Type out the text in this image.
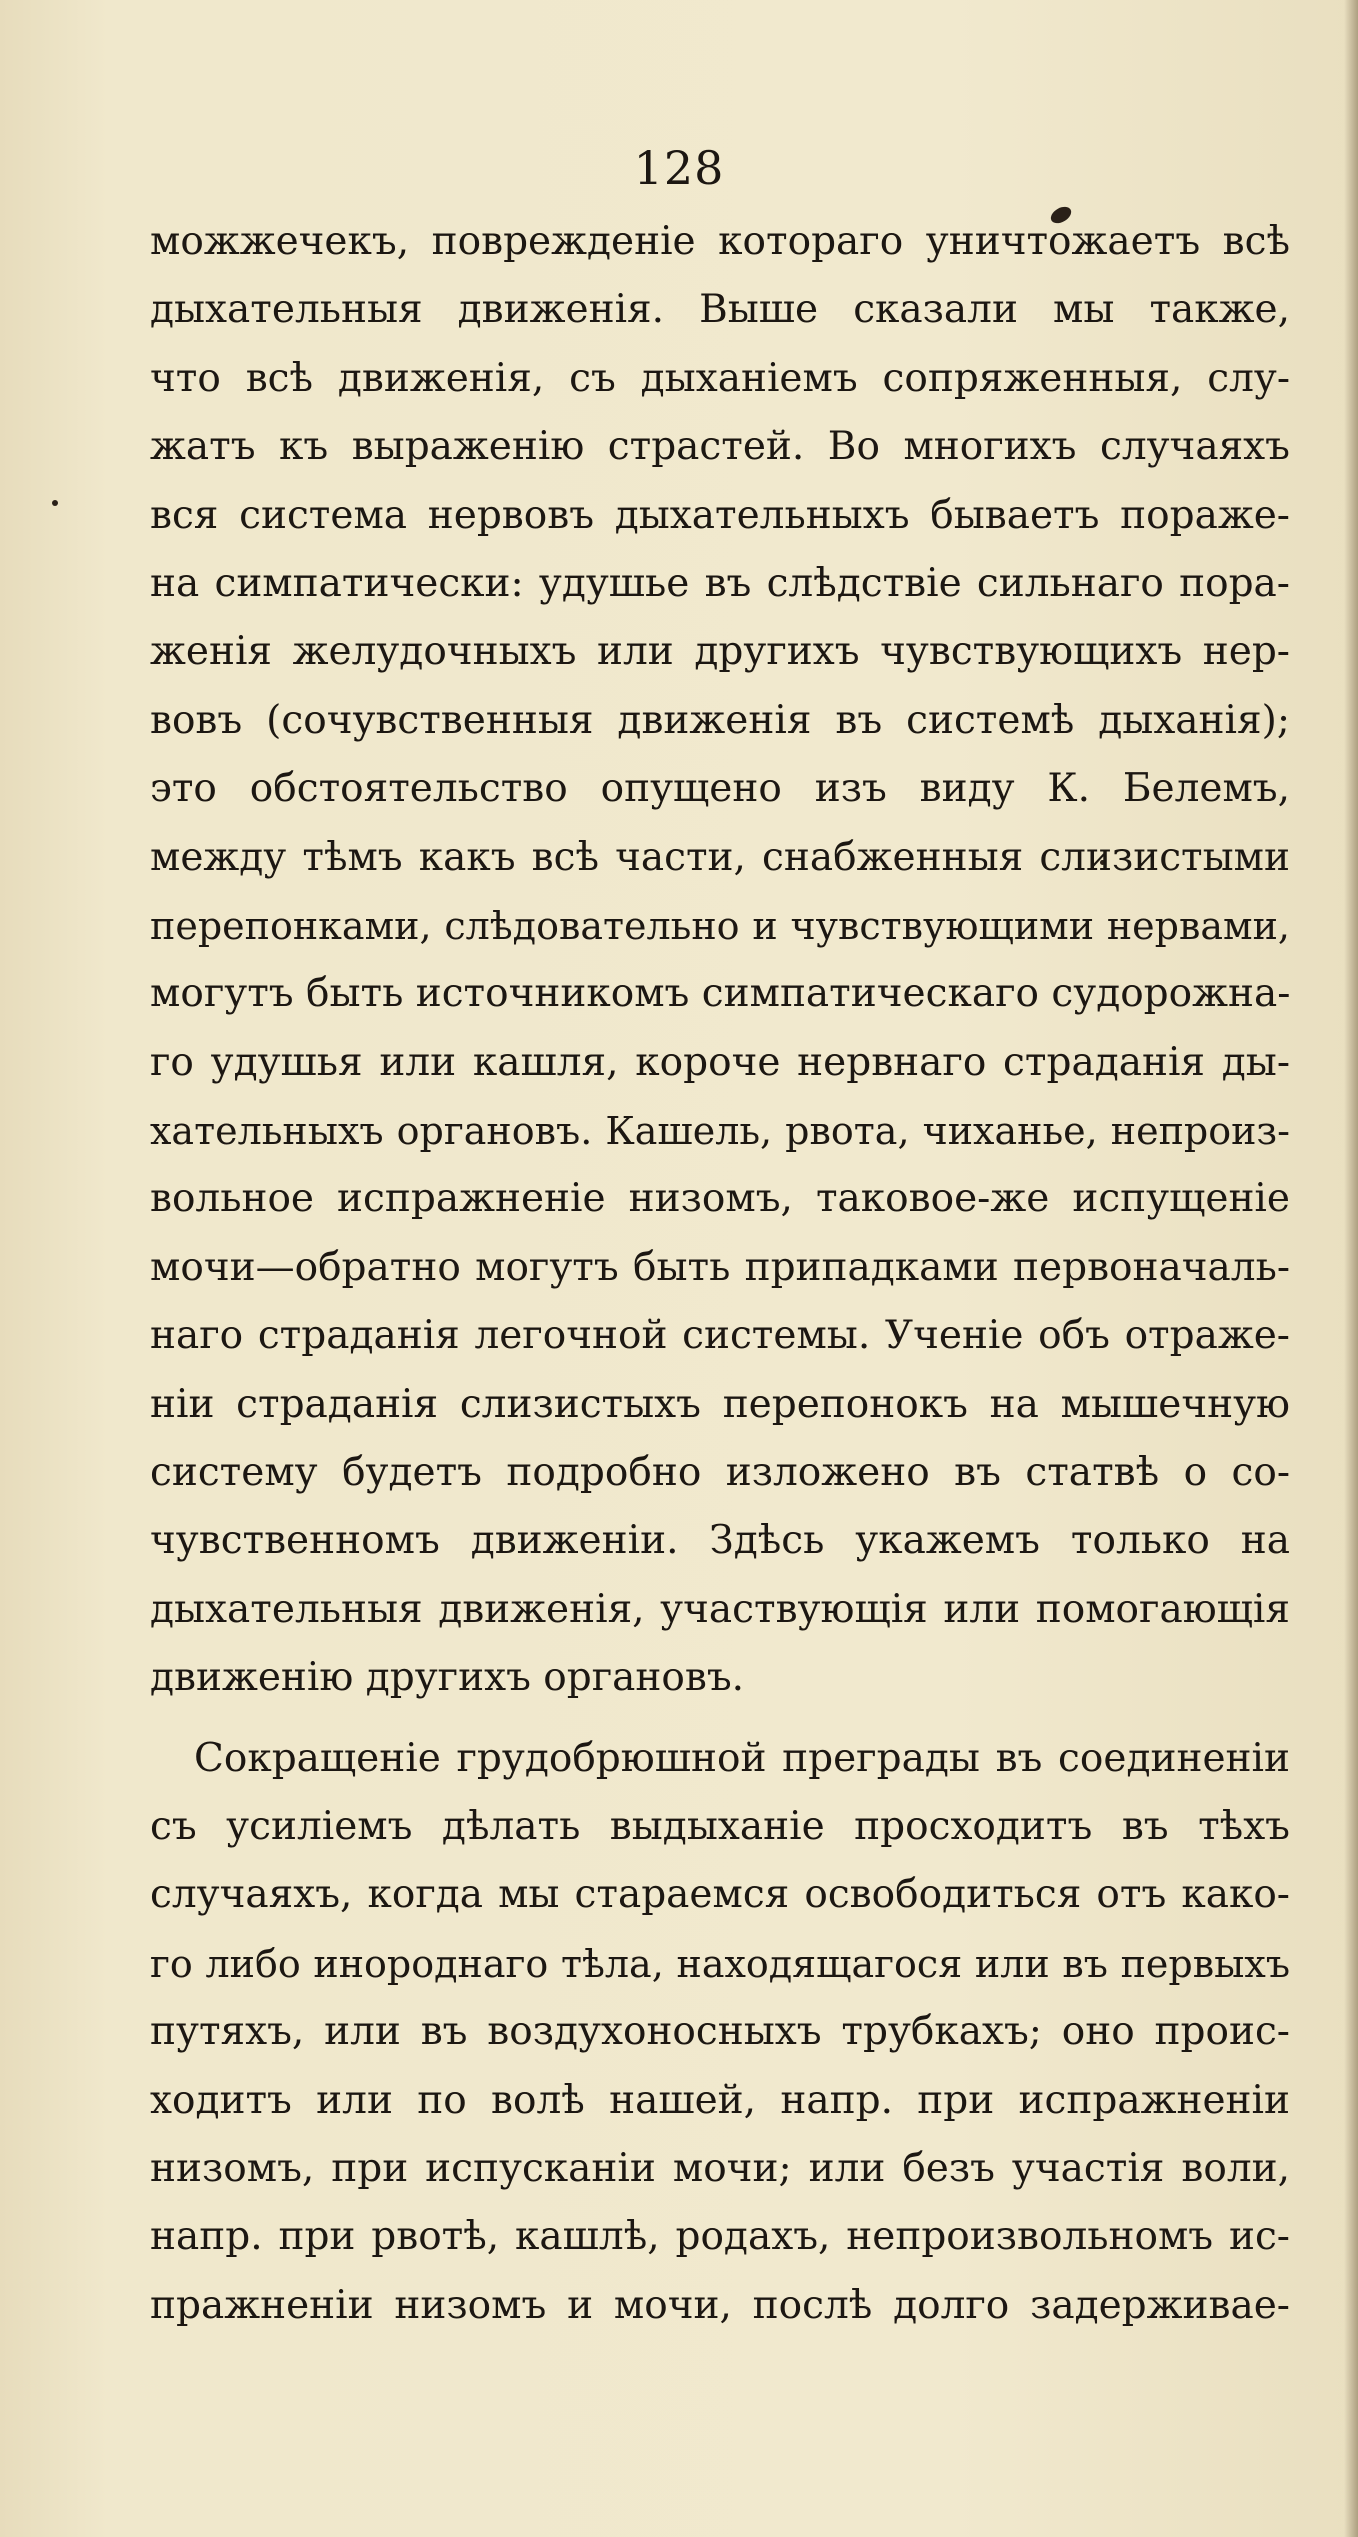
128
можжечекъ, поврежденіе котораго уничтожаетъ всѣ
дыхательныя движенія. Выше сказали мы также,
что всѣ движенія, съ дыханіемъ сопряженныя, слу-
жатъ къ выраженію страстей. Во многихъ случаяхъ
вся система нервовъ дыхательныхъ бываетъ пораже-
на симпатически: удушье въ слѣдствіе сильнаго пора-
женія желудочныхъ или другихъ чувствующихъ нер-
вовъ (сочувственныя движенія въ системѣ дыханія);
это обстоятельство опущено изъ виду К. Белемъ,
между тѣмъ какъ всѣ части, снабженныя слизистыми
перепонками, слѣдовательно и чувствующими нервами,
могутъ быть источникомъ симпатическаго судорожна-
го удушья или кашля, короче нервнаго страданія ды-
хательныхъ органовъ. Кашель, рвота, чиханье, непроиз-
вольное испражненіе низомъ, таковое-же испущеніе
мочи—обратно могутъ быть припадками первоначаль-
наго страданія легочной системы. Ученіе объ отраже-
ніи страданія слизистыхъ перепонокъ на мышечную
систему будетъ подробно изложено въ статвѣ о со-
чувственномъ движеніи. Здѣсь укажемъ только на
дыхательныя движенія, участвующія или помогающія
движенію другихъ органовъ.
Сокращеніе грудобрюшной преграды въ соединеніи
съ усиліемъ дѣлать выдыханіе просходитъ въ тѣхъ
случаяхъ, когда мы стараемся освободиться отъ како-
го либо инороднаго тѣла, находящагося или въ первыхъ
путяхъ, или въ воздухоносныхъ трубкахъ; оно проис-
ходитъ или по волѣ нашей, напр. при испражненіи
низомъ, при испусканіи мочи; или безъ участія воли,
напр. при рвотѣ, кашлѣ, родахъ, непроизвольномъ ис-
пражненіи низомъ и мочи, послѣ долго задерживае-
